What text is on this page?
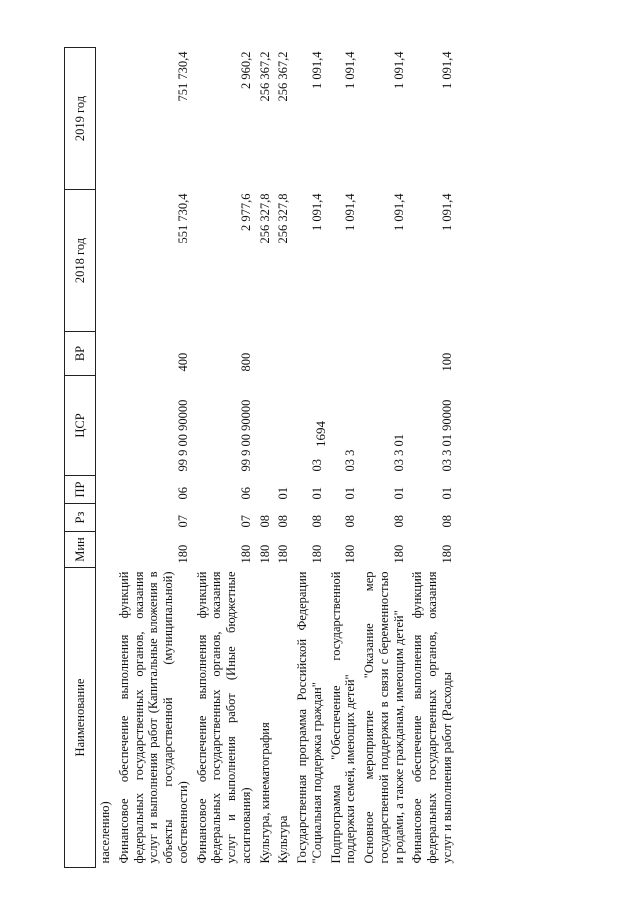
1694
Наименование	Мин	Рз	ПР	ЦСР	ВР	2018 год	2019 год
населению)							
Финансовое обеспечение выполнения функций федеральных государственных органов, оказания услуг и выполнения работ (Капитальные вложения в объекты государственной (муниципальной) собственности)	180	07	06	99 9 00 90000	400	551 730,4	751 730,4
Финансовое обеспечение выполнения функций федеральных государственных органов, оказания услуг и выполнения работ (Иные бюджетные ассигнования)	180	07	06	99 9 00 90000	800	2 977,6	2 960,2
Культура, кинематография	180	08				256 327,8	256 367,2
Культура	180	08	01			256 327,8	256 367,2
Государственная программа Российской Федерации "Социальная поддержка граждан"	180	08	01	03		1 091,4	1 091,4
Подпрограмма "Обеспечение государственной поддержки семей, имеющих детей"	180	08	01	03 3		1 091,4	1 091,4
Основное мероприятие "Оказание мер государственной поддержки в связи с беременностью и родами, а также гражданам, имеющим детей"	180	08	01	03 3 01		1 091,4	1 091,4
Финансовое обеспечение выполнения функций федеральных государственных органов, оказания услуг и выполнения работ (Расходы	180	08	01	03 3 01 90000	100	1 091,4	1 091,4
